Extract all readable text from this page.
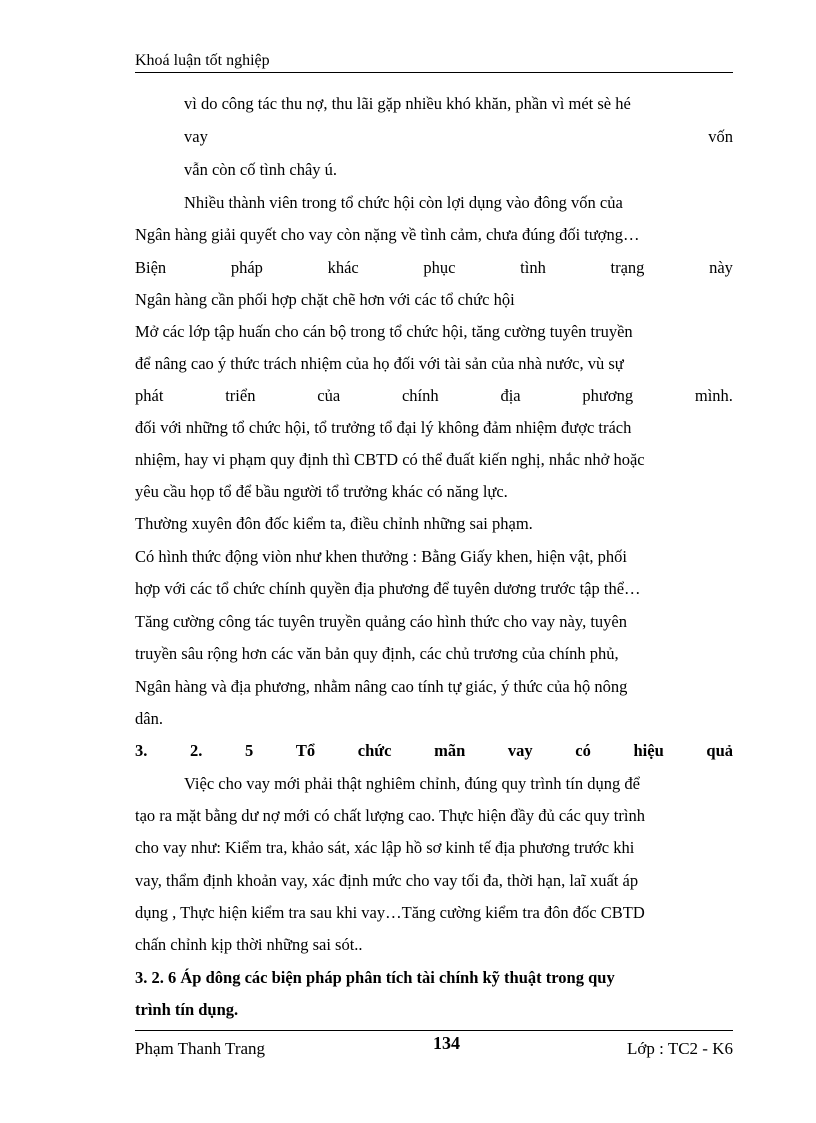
Khoá luận tốt nghiệp
vì do công tác thu nợ, thu lãi gặp nhiều khó khăn, phần vì mét sè hé
vay	vốn
vẫn còn cố tình chây ú.
Nhiều thành viên trong tổ chức hội còn lợi dụng vào đông vốn của
Ngân hàng giải quyết cho vay còn nặng về tình cảm, chưa đúng đối tượng…
Biện	pháp	khác	phục	tình	trạng	này
Ngân hàng cần phối hợp chặt chẽ hơn với các tổ chức hội
Mở các lớp tập huấn cho cán bộ trong tổ chức hội, tăng cường tuyên truyền
để nâng cao ý thức trách nhiệm của họ đối với tài sản của nhà nước, vù sự
phát	triển	của	chính	địa	phương	mình.
đối với những tổ chức hội, tổ trưởng tổ đại lý không đảm nhiệm được trách
nhiệm, hay vi phạm quy định thì CBTD có thể đuất kiến nghị, nhắc nhở hoặc
yêu cầu họp tổ để bầu người tổ trưởng khác có năng lực.
Thường xuyên đôn đốc kiểm ta, điều chỉnh những sai phạm.
Có hình thức động viòn như khen thưởng : Bằng Giấy khen, hiện vật, phối
hợp với các tổ chức chính quyền địa phương để tuyên dương trước tập thể…
Tăng cường công tác tuyên truyền quảng cáo hình thức cho vay này, tuyên
truyền sâu rộng hơn các văn bản quy định, các chủ trương của chính phủ,
Ngân hàng và địa phương, nhằm nâng cao tính tự giác, ý thức của hộ nông
dân.
3.	2.	5	Tổ	chức	mãn	vay	có	hiệu	quả
Việc cho vay mới phải thật nghiêm chỉnh, đúng quy trình tín dụng để
tạo ra mặt bằng dư nợ mới có chất lượng cao. Thực hiện đầy đủ các quy trình
cho vay như: Kiểm tra, khảo sát, xác lập hồ sơ kinh tế địa phương trước khi
vay, thẩm định khoản vay, xác định mức cho vay tối đa, thời hạn, laĩ xuất áp
dụng , Thực hiện kiểm tra sau khi vay…Tăng cường kiểm tra đôn đốc CBTD
chấn chỉnh kịp thời những sai sót..
3. 2. 6 Áp dông các biện pháp phân tích tài chính kỹ thuật trong quy
trình tín dụng.
Phạm Thanh Trang	134	Lớp : TC2 - K6
